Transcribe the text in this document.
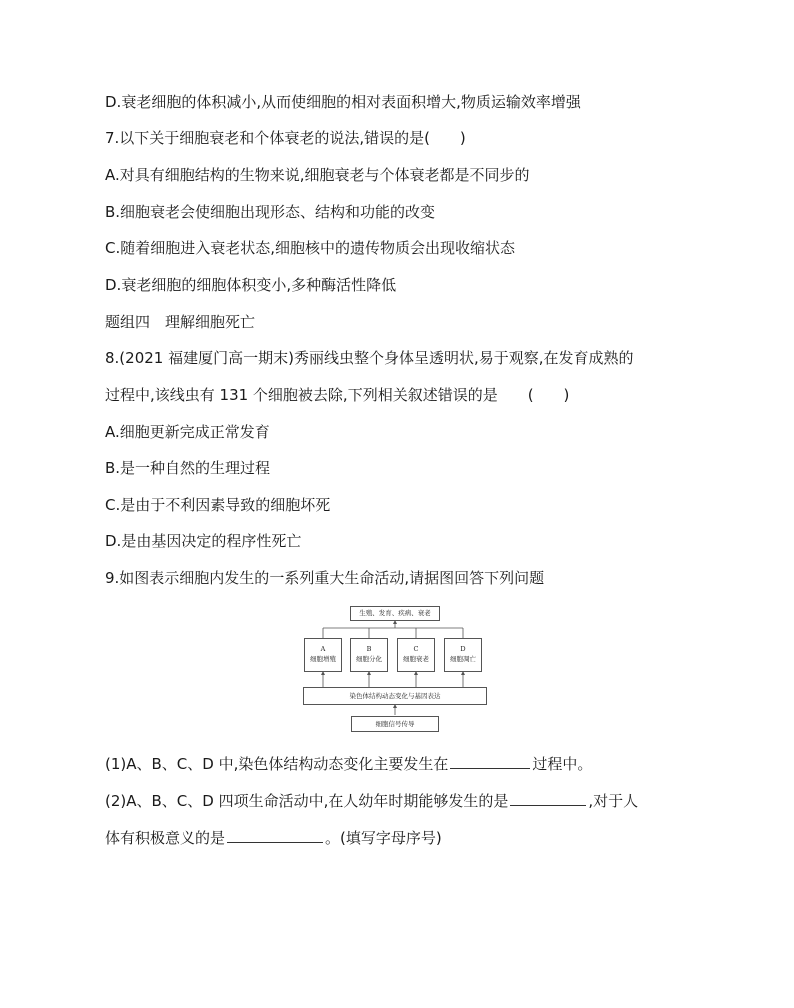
D.衰老细胞的体积减小,从而使细胞的相对表面积增大,物质运输效率增强
7.以下关于细胞衰老和个体衰老的说法,错误的是(　　)
A.对具有细胞结构的生物来说,细胞衰老与个体衰老都是不同步的
B.细胞衰老会使细胞出现形态、结构和功能的改变
C.随着细胞进入衰老状态,细胞核中的遗传物质会出现收缩状态
D.衰老细胞的细胞体积变小,多种酶活性降低
题组四　理解细胞死亡
8.(2021 福建厦门高一期末)秀丽线虫整个身体呈透明状,易于观察,在发育成熟的
过程中,该线虫有 131 个细胞被去除,下列相关叙述错误的是　　(　　)
A.细胞更新完成正常发育
B.是一种自然的生理过程
C.是由于不利因素导致的细胞坏死
D.是由基因决定的程序性死亡
9.如图表示细胞内发生的一系列重大生命活动,请据图回答下列问题
生殖、发育、疾病、衰老
A
细胞增殖
B
细胞分化
C
细胞衰老
D
细胞凋亡
染色体结构动态变化与基因表达
细胞信号传导
(1)A、B、C、D 中,染色体结构动态变化主要发生在	过程中。
(2)A、B、C、D 四项生命活动中,在人幼年时期能够发生的是	,对于人
体有积极意义的是	。(填写字母序号)
